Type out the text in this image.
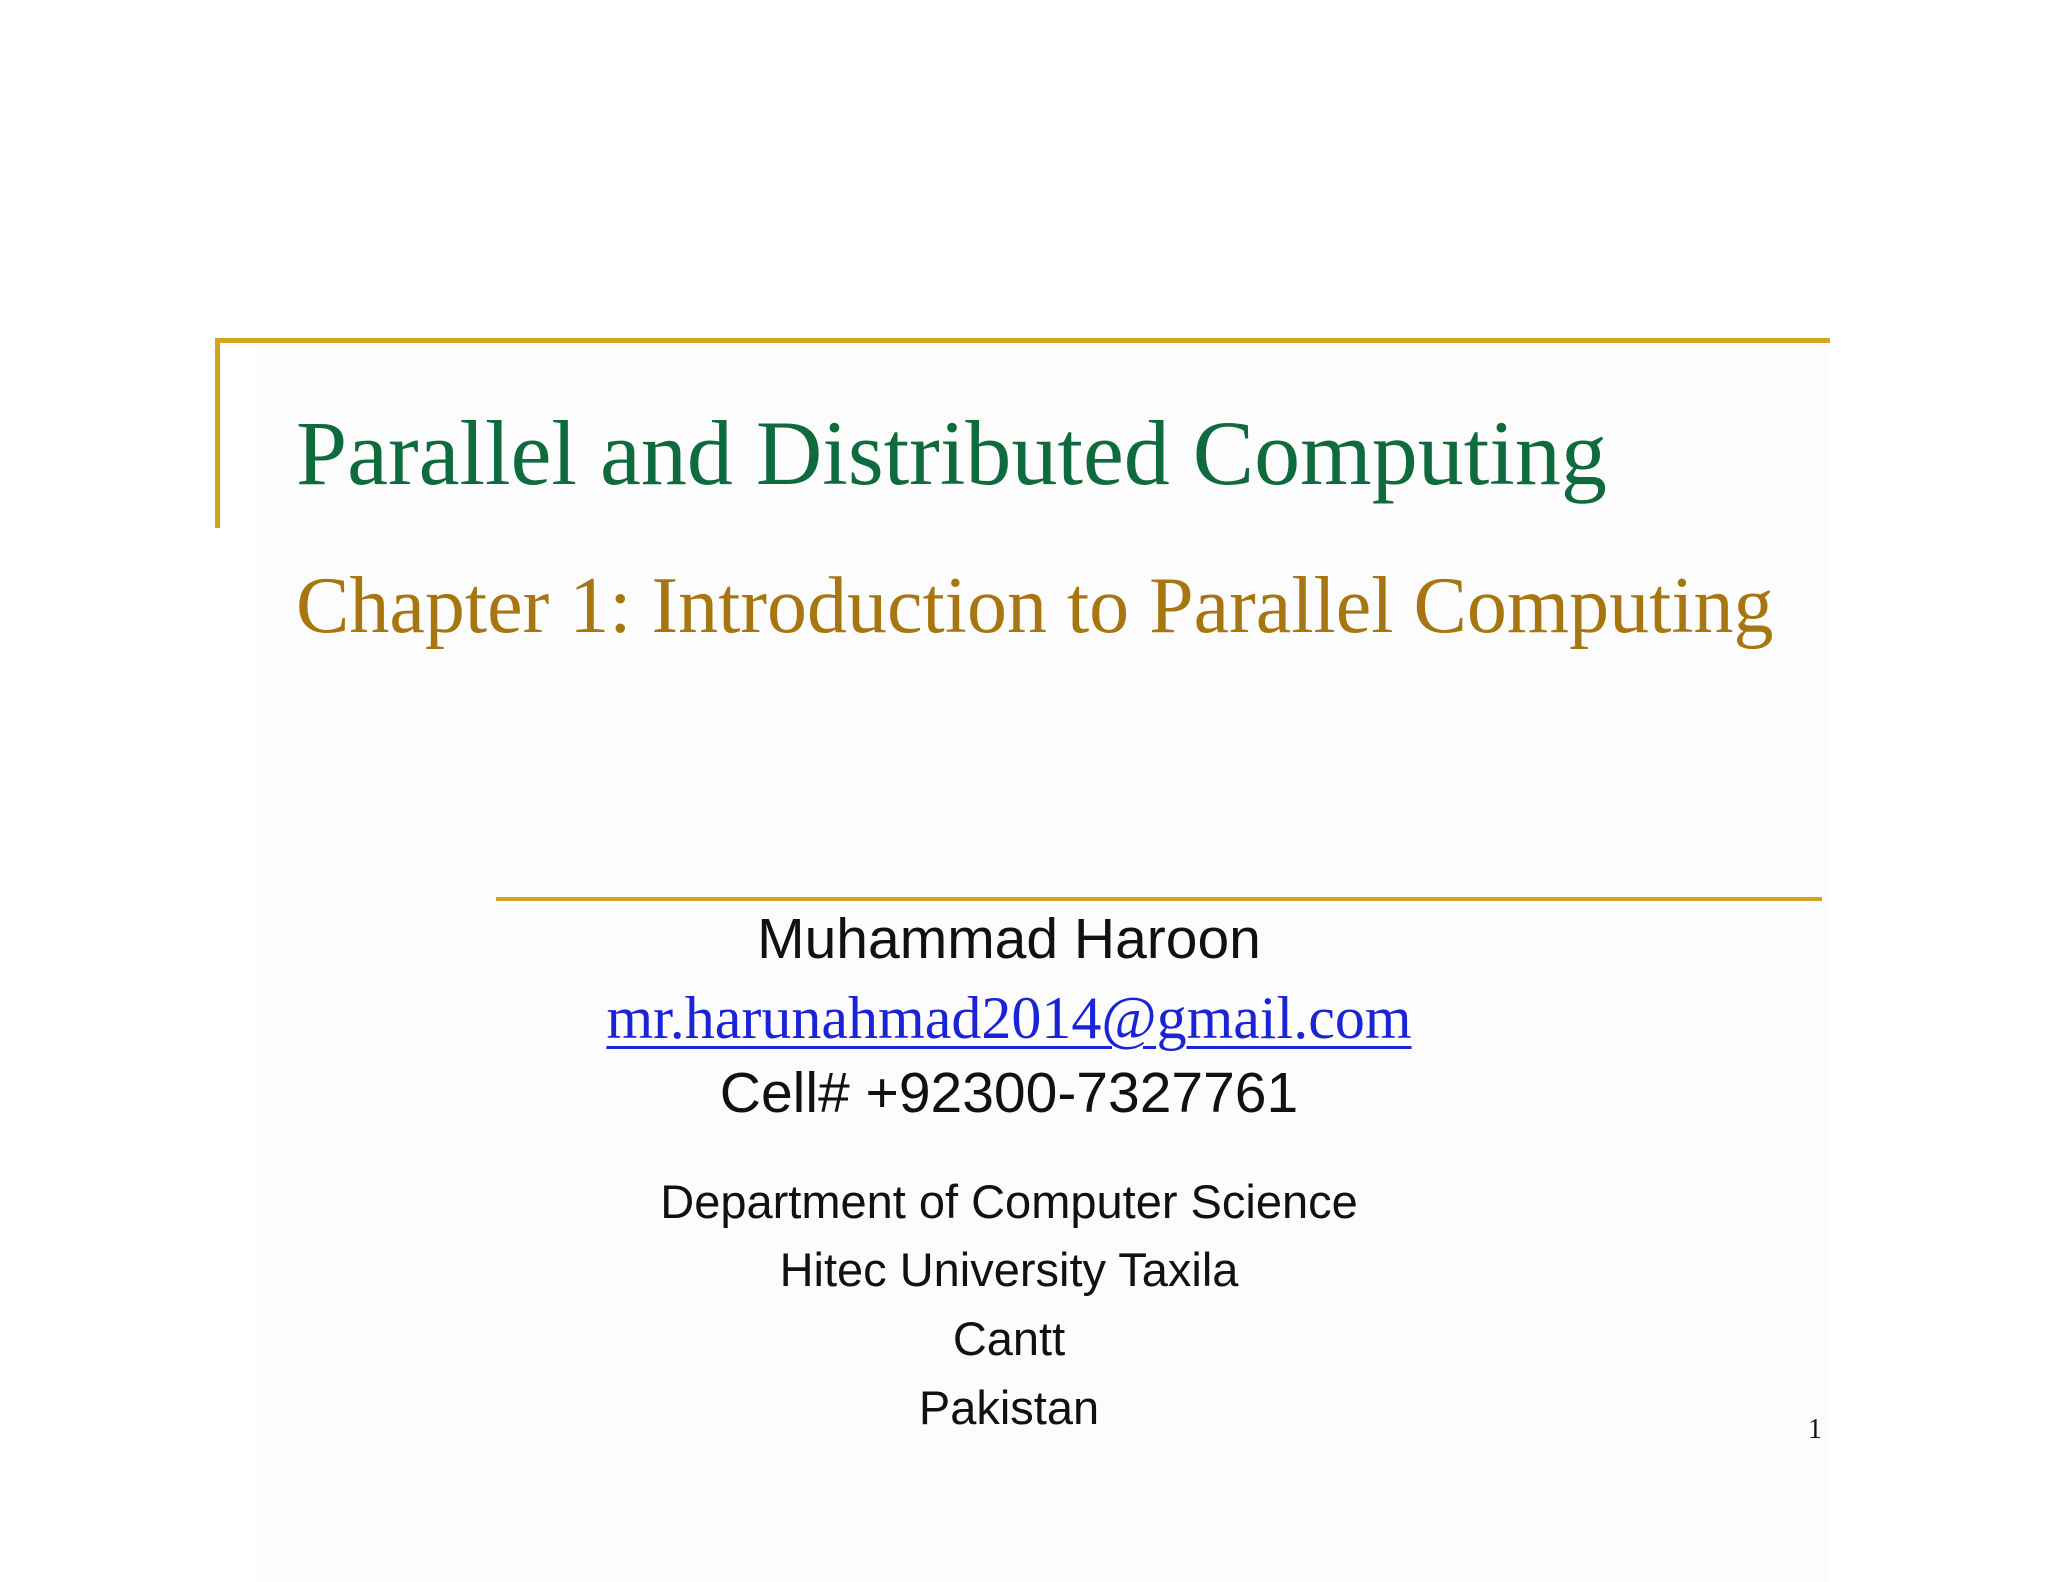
Parallel and Distributed Computing
Chapter 1: Introduction to Parallel Computing
Muhammad Haroon
mr.harunahmad2014@gmail.com
Cell# +92300-7327761
Department of Computer Science
Hitec University Taxila
Cantt
Pakistan	1
